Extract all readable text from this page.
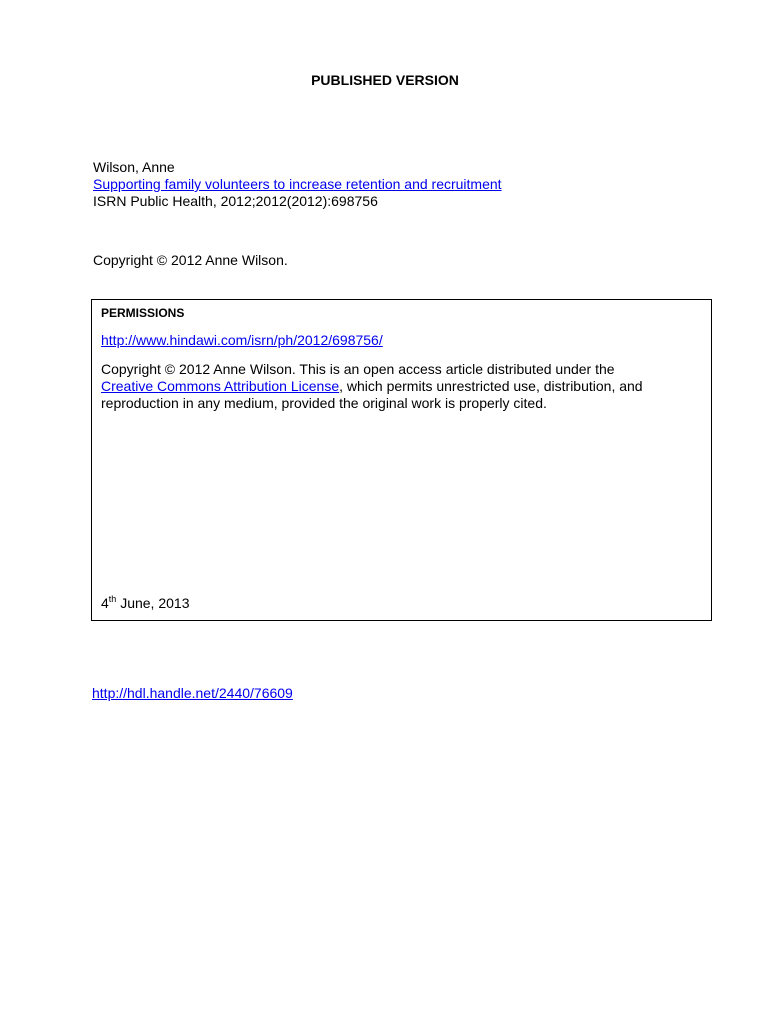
PUBLISHED VERSION
Wilson, Anne
Supporting family volunteers to increase retention and recruitment
ISRN Public Health, 2012;2012(2012):698756
Copyright © 2012 Anne Wilson.
PERMISSIONS
http://www.hindawi.com/isrn/ph/2012/698756/
Copyright © 2012 Anne Wilson. This is an open access article distributed under the
Creative Commons Attribution License, which permits unrestricted use, distribution, and
reproduction in any medium, provided the original work is properly cited.
4th June, 2013
http://hdl.handle.net/2440/76609
